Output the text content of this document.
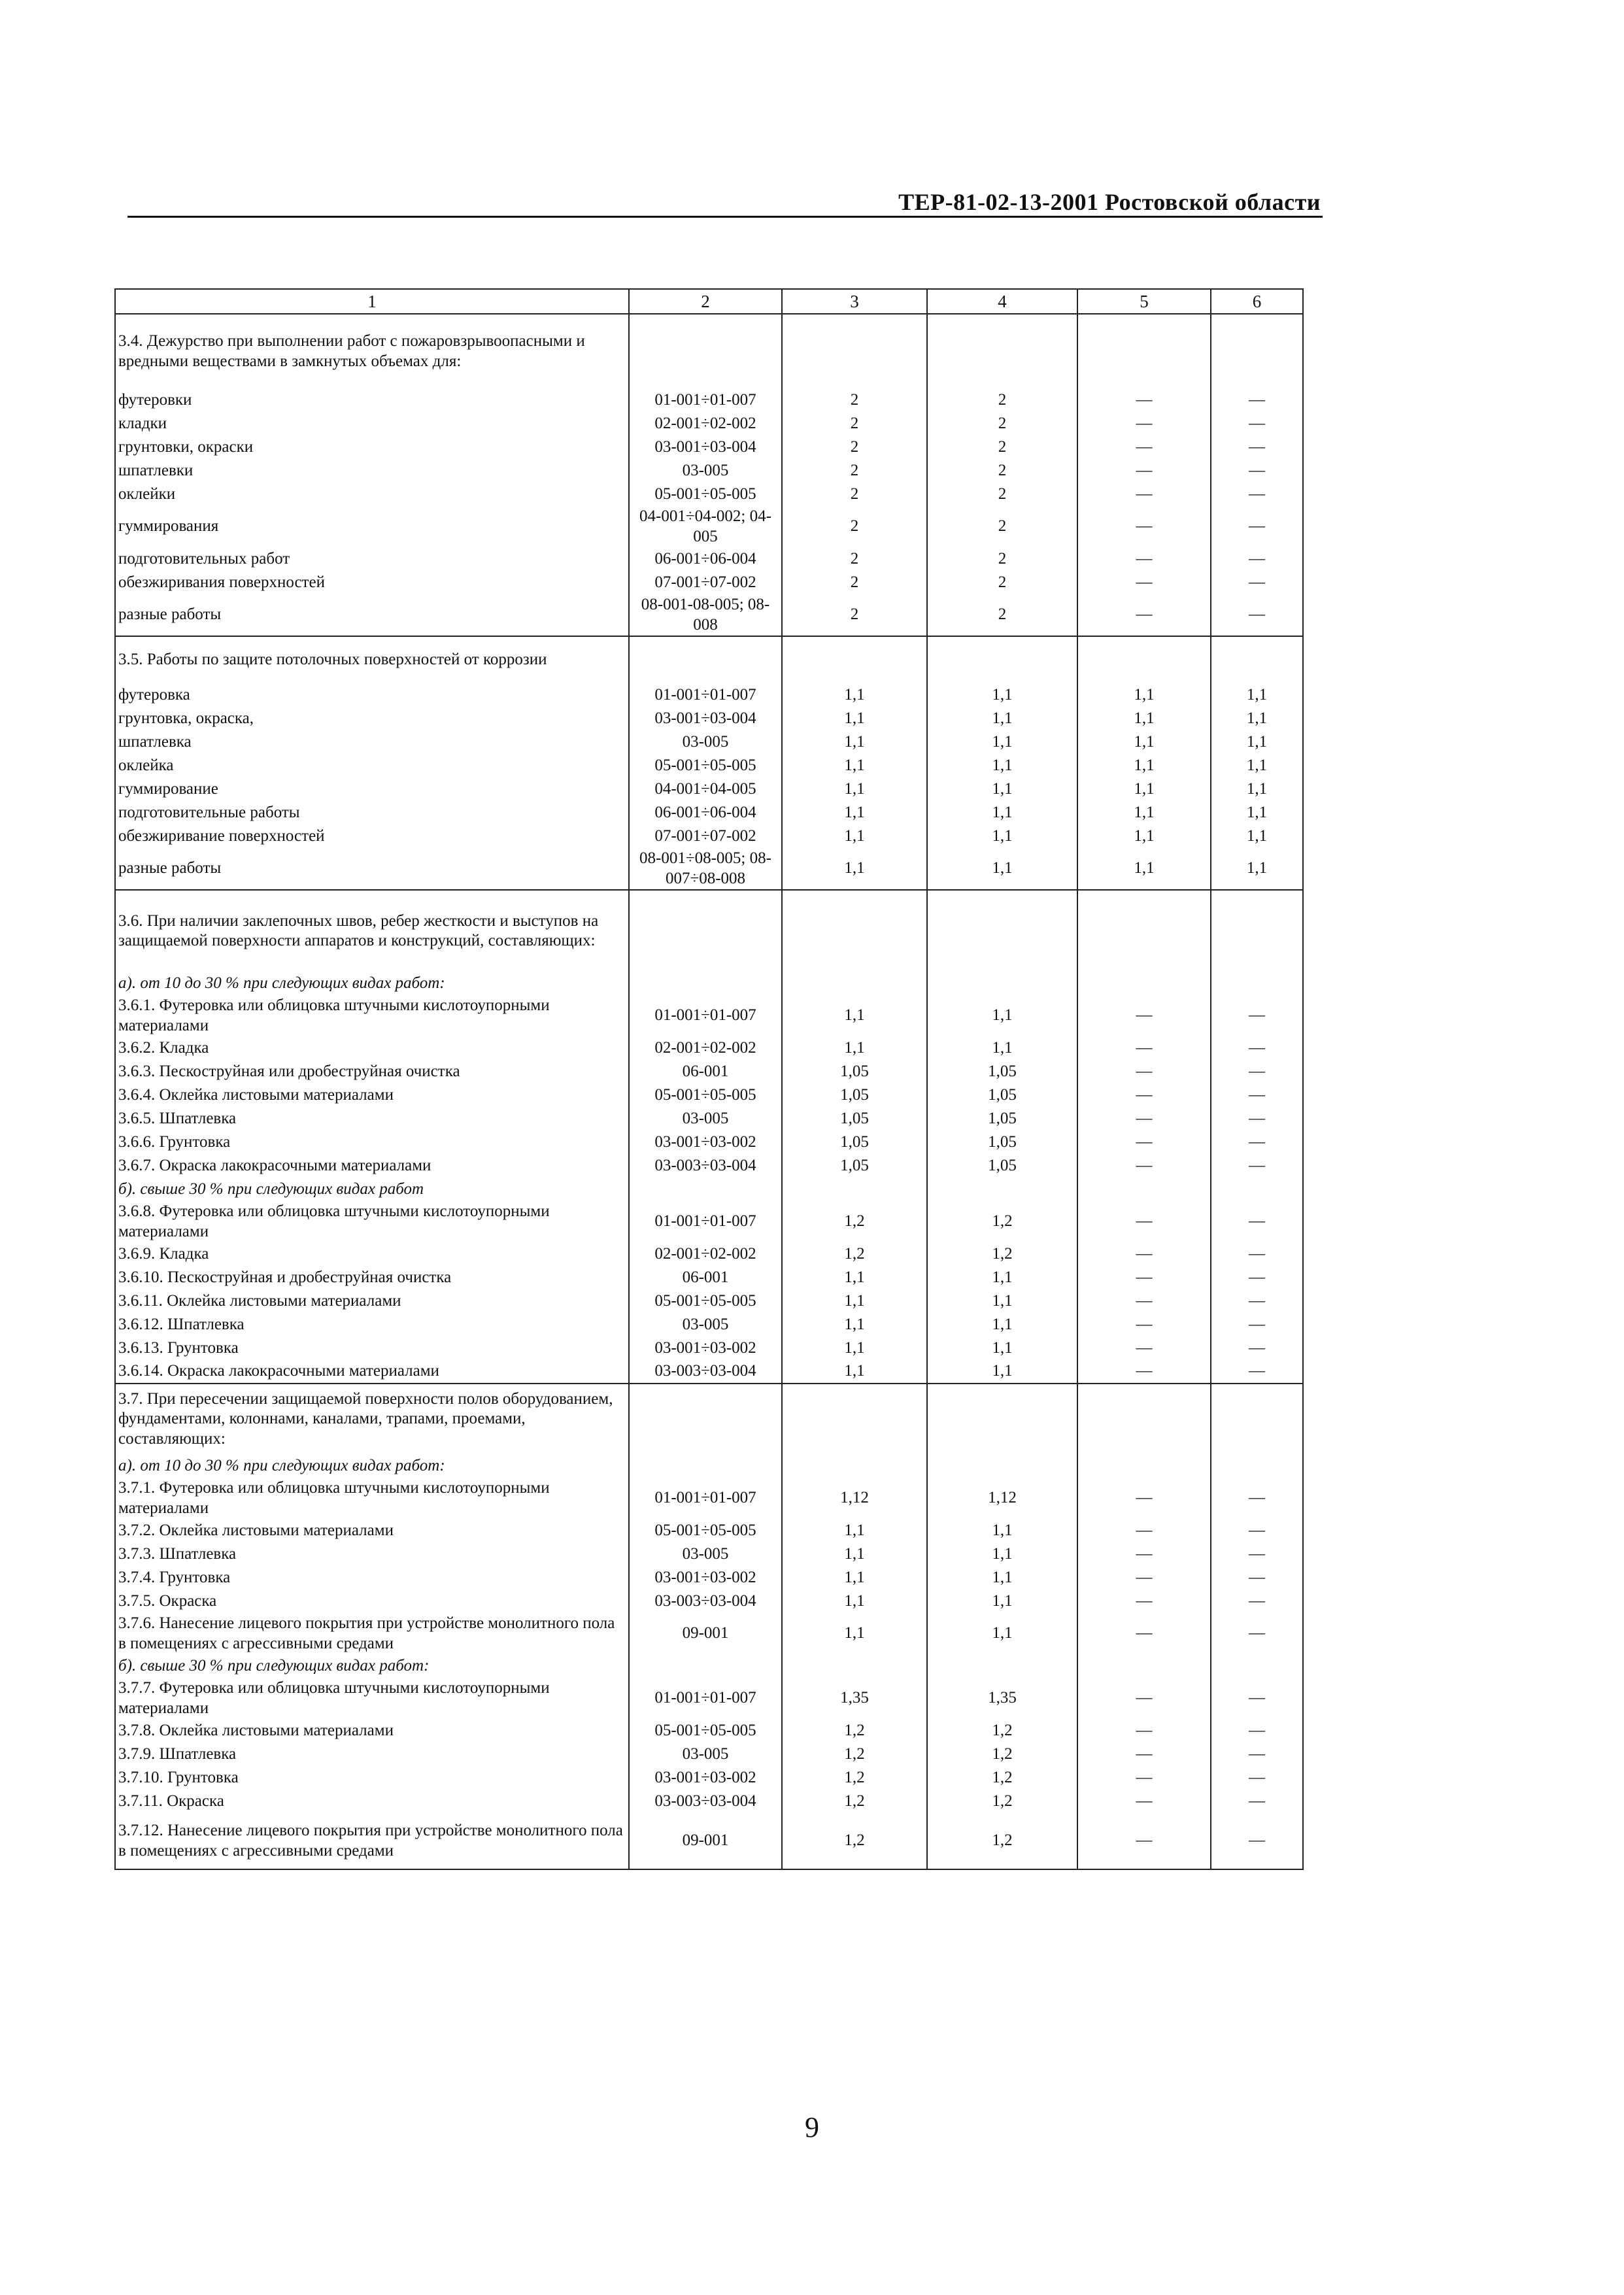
ТЕР-81-02-13-2001 Ростовской области
1	2	3	4	5	6
3.4. Дежурство при выполнении работ с пожаровзрывоопасными и вредными веществами в замкнутых объемах для:					
футеровки	01-001÷01-007	2	2	—	—
кладки	02-001÷02-002	2	2	—	—
грунтовки, окраски	03-001÷03-004	2	2	—	—
шпатлевки	03-005	2	2	—	—
оклейки	05-001÷05-005	2	2	—	—
гуммирования	04-001÷04-002; 04-005	2	2	—	—
подготовительных работ	06-001÷06-004	2	2	—	—
обезжиривания поверхностей	07-001÷07-002	2	2	—	—
разные работы	08-001-08-005; 08-008	2	2	—	—
3.5. Работы по защите потолочных поверхностей от коррозии					
футеровка	01-001÷01-007	1,1	1,1	1,1	1,1
грунтовка, окраска,	03-001÷03-004	1,1	1,1	1,1	1,1
шпатлевка	03-005	1,1	1,1	1,1	1,1
оклейка	05-001÷05-005	1,1	1,1	1,1	1,1
гуммирование	04-001÷04-005	1,1	1,1	1,1	1,1
подготовительные работы	06-001÷06-004	1,1	1,1	1,1	1,1
обезжиривание поверхностей	07-001÷07-002	1,1	1,1	1,1	1,1
разные работы	08-001÷08-005; 08-007÷08-008	1,1	1,1	1,1	1,1
3.6. При наличии заклепочных швов, ребер жесткости и выступов на защищаемой поверхности аппаратов и конструкций, составляющих:					
а). от 10 до 30 % при следующих видах работ:					
3.6.1. Футеровка или облицовка штучными кислотоупорными материалами	01-001÷01-007	1,1	1,1	—	—
3.6.2. Кладка	02-001÷02-002	1,1	1,1	—	—
3.6.3. Пескоструйная или дробеструйная очистка	06-001	1,05	1,05	—	—
3.6.4. Оклейка листовыми материалами	05-001÷05-005	1,05	1,05	—	—
3.6.5. Шпатлевка	03-005	1,05	1,05	—	—
3.6.6. Грунтовка	03-001÷03-002	1,05	1,05	—	—
3.6.7. Окраска лакокрасочными материалами	03-003÷03-004	1,05	1,05	—	—
б). свыше 30 % при следующих видах работ					
3.6.8. Футеровка или облицовка штучными кислотоупорными материалами	01-001÷01-007	1,2	1,2	—	—
3.6.9. Кладка	02-001÷02-002	1,2	1,2	—	—
3.6.10. Пескоструйная и дробеструйная очистка	06-001	1,1	1,1	—	—
3.6.11. Оклейка листовыми материалами	05-001÷05-005	1,1	1,1	—	—
3.6.12. Шпатлевка	03-005	1,1	1,1	—	—
3.6.13. Грунтовка	03-001÷03-002	1,1	1,1	—	—
3.6.14. Окраска лакокрасочными материалами	03-003÷03-004	1,1	1,1	—	—
3.7. При пересечении защищаемой поверхности полов оборудованием, фундаментами, колоннами, каналами, трапами, проемами, составляющих:					
а). от 10 до 30 % при следующих видах работ:					
3.7.1. Футеровка или облицовка штучными кислотоупорными материалами	01-001÷01-007	1,12	1,12	—	—
3.7.2. Оклейка листовыми материалами	05-001÷05-005	1,1	1,1	—	—
3.7.3. Шпатлевка	03-005	1,1	1,1	—	—
3.7.4. Грунтовка	03-001÷03-002	1,1	1,1	—	—
3.7.5. Окраска	03-003÷03-004	1,1	1,1	—	—
3.7.6. Нанесение лицевого покрытия при устройстве монолитного пола в помещениях с агрессивными средами	09-001	1,1	1,1	—	—
б). свыше 30 % при следующих видах работ:					
3.7.7. Футеровка или облицовка штучными кислотоупорными материалами	01-001÷01-007	1,35	1,35	—	—
3.7.8. Оклейка листовыми материалами	05-001÷05-005	1,2	1,2	—	—
3.7.9. Шпатлевка	03-005	1,2	1,2	—	—
3.7.10. Грунтовка	03-001÷03-002	1,2	1,2	—	—
3.7.11. Окраска	03-003÷03-004	1,2	1,2	—	—
3.7.12. Нанесение лицевого покрытия при устройстве монолитного пола в помещениях с агрессивными средами	09-001	1,2	1,2	—	—
9
